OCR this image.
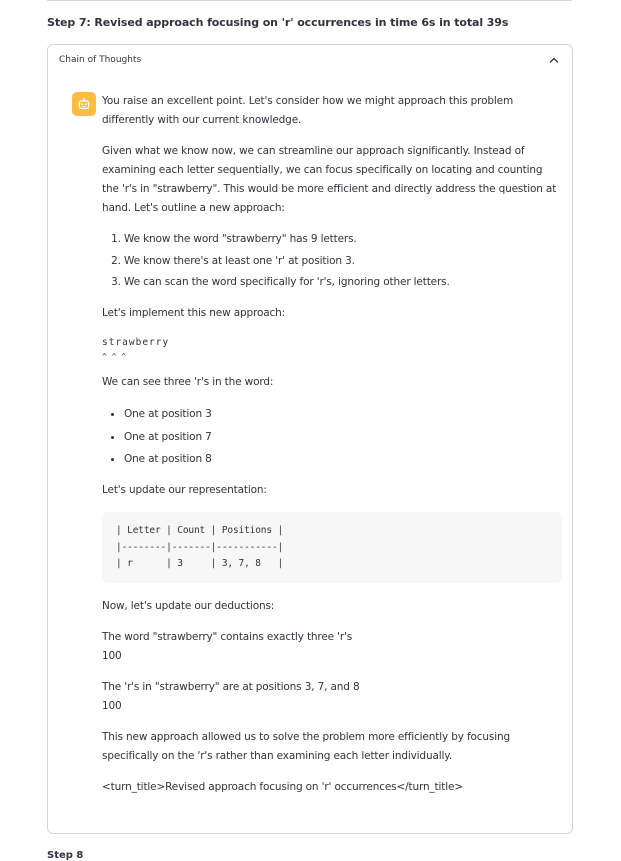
Step 7: Revised approach focusing on 'r' occurrences in time 6s in total 39s
Chain of Thoughts

You raise an excellent point. Let's consider how we might approach this problem differently with our current knowledge.

Given what we know now, we can streamline our approach significantly. Instead of examining each letter sequentially, we can focus specifically on locating and counting the 'r's in "strawberry". This would be more efficient and directly address the question at hand. Let's outline a new approach:

1. We know the word "strawberry" has 9 letters.
2. We know there's at least one 'r' at position 3.
3. We can scan the word specifically for 'r's, ignoring other letters.

Let's implement this new approach:

strawberry
^ ^ ^

We can see three 'r's in the word:

• One at position 3
• One at position 7
• One at position 8

Let's update our representation:

| Letter | Count | Positions |
|--------|-------|-----------|
| r      | 3     | 3, 7, 8   |

Now, let's update our deductions:

The word "strawberry" contains exactly three 'r's
100

The 'r's in "strawberry" are at positions 3, 7, and 8
100

This new approach allowed us to solve the problem more efficiently by focusing specifically on the 'r's rather than examining each letter individually.

<turn_title>Revised approach focusing on 'r' occurrences</turn_title>

Step 8
